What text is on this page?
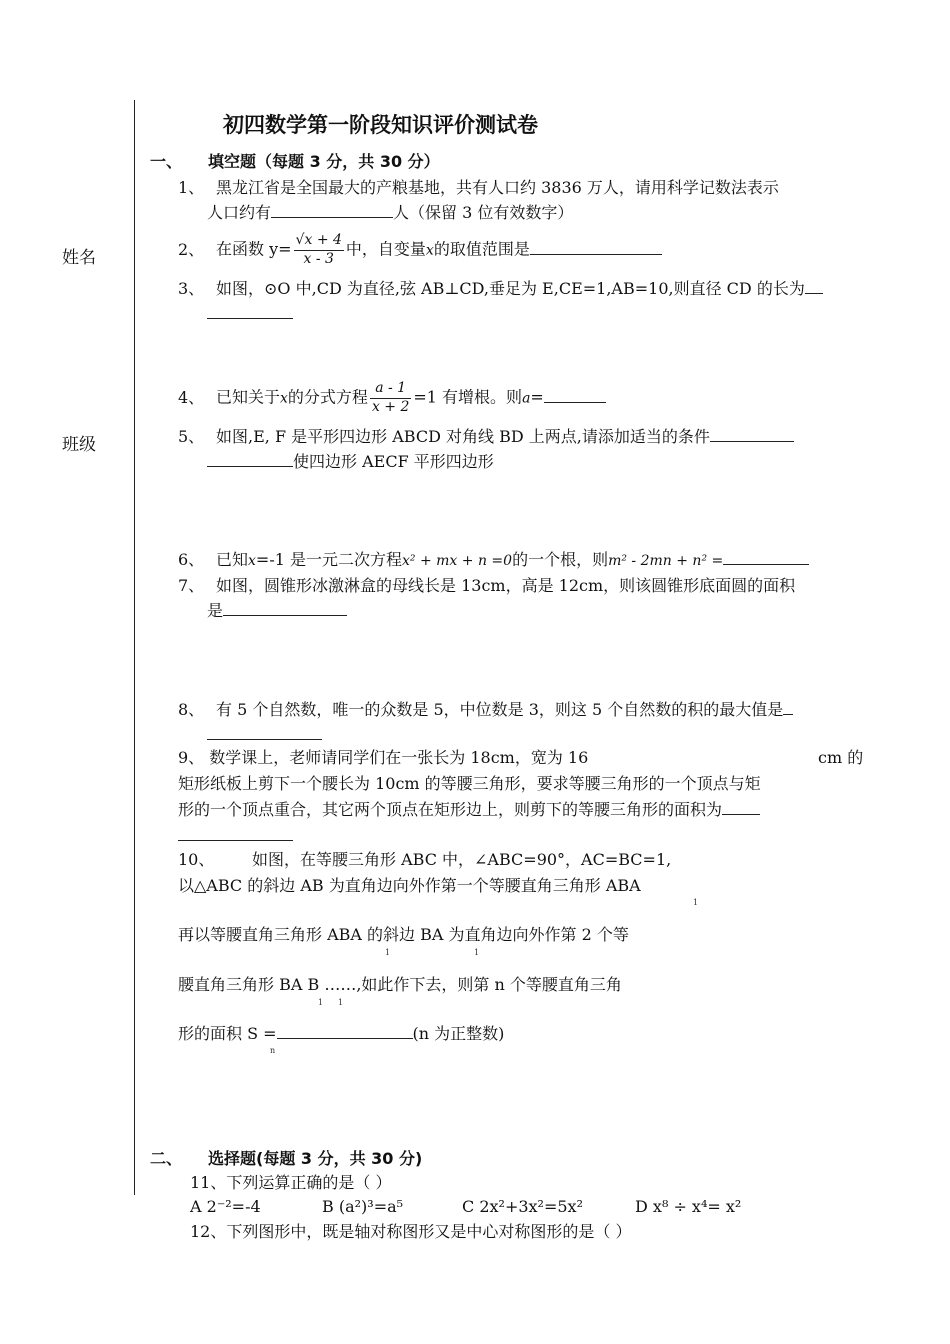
姓名
班级
初四数学第一阶段知识评价测试卷
一、 填空题（每题 3 分，共 30 分）
1、 黑龙江省是全国最大的产粮基地，共有人口约 3836 万人，请用科学记数法表示
人口约有	人（保留 3 位有效数字）
2、 在函数 $y= \frac{√x + 4}{x - 3}$ 中，自变量x的取值范围是
3、 如图，⊙O 中,CD 为直径,弦 AB⊥CD,垂足为 E,CE=1,AB=10,则直径 CD 的长为
4、 已知关于x的分式方程 $\frac{a - 1}{x + 2} =1$ 有增根。则a=
5、 如图,E, F 是平形四边形 ABCD 对角线 BD 上两点,请添加适当的条件
使四边形 AECF 平形四边形
6、 已知x=-1 是一元二次方程x² + mx + n =0的一个根，则m² - 2mn + n² =
7、 如图，圆锥形冰激淋盒的母线长是 13cm，高是 12cm，则该圆锥形底面圆的面积
是
8、 有 5 个自然数，唯一的众数是 5，中位数是 3，则这 5 个自然数的积的最大值是
9、 数学课上，老师请同学们在一张长为 18cm，宽为 16	cm 的
矩形纸板上剪下一个腰长为 10cm 的等腰三角形，要求等腰三角形的一个顶点与矩
形的一个顶点重合，其它两个顶点在矩形边上，则剪下的等腰三角形的面积为
10、 如图，在等腰三角形 ABC 中，∠ABC=90°，AC=BC=1,
以△ABC 的斜边 AB 为直角边向外作第一个等腰直角三角形 ABA
1
再以等腰直角三角形 ABA 的斜边 BA 为直角边向外作第 2 个等
1	1
腰直角三角形 BA B ……,如此作下去，则第 n 个等腰直角三角
1 1
形的面积 S =	(n 为正整数)
n
二、 选择题(每题 3 分，共 30 分)
11、下列运算正确的是（ ）
A 2⁻²=-4	B (a²)³=a⁵	C 2x²+3x²=5x²	D x⁸ ÷ x⁴= x²
12、下列图形中，既是轴对称图形又是中心对称图形的是（ ）
